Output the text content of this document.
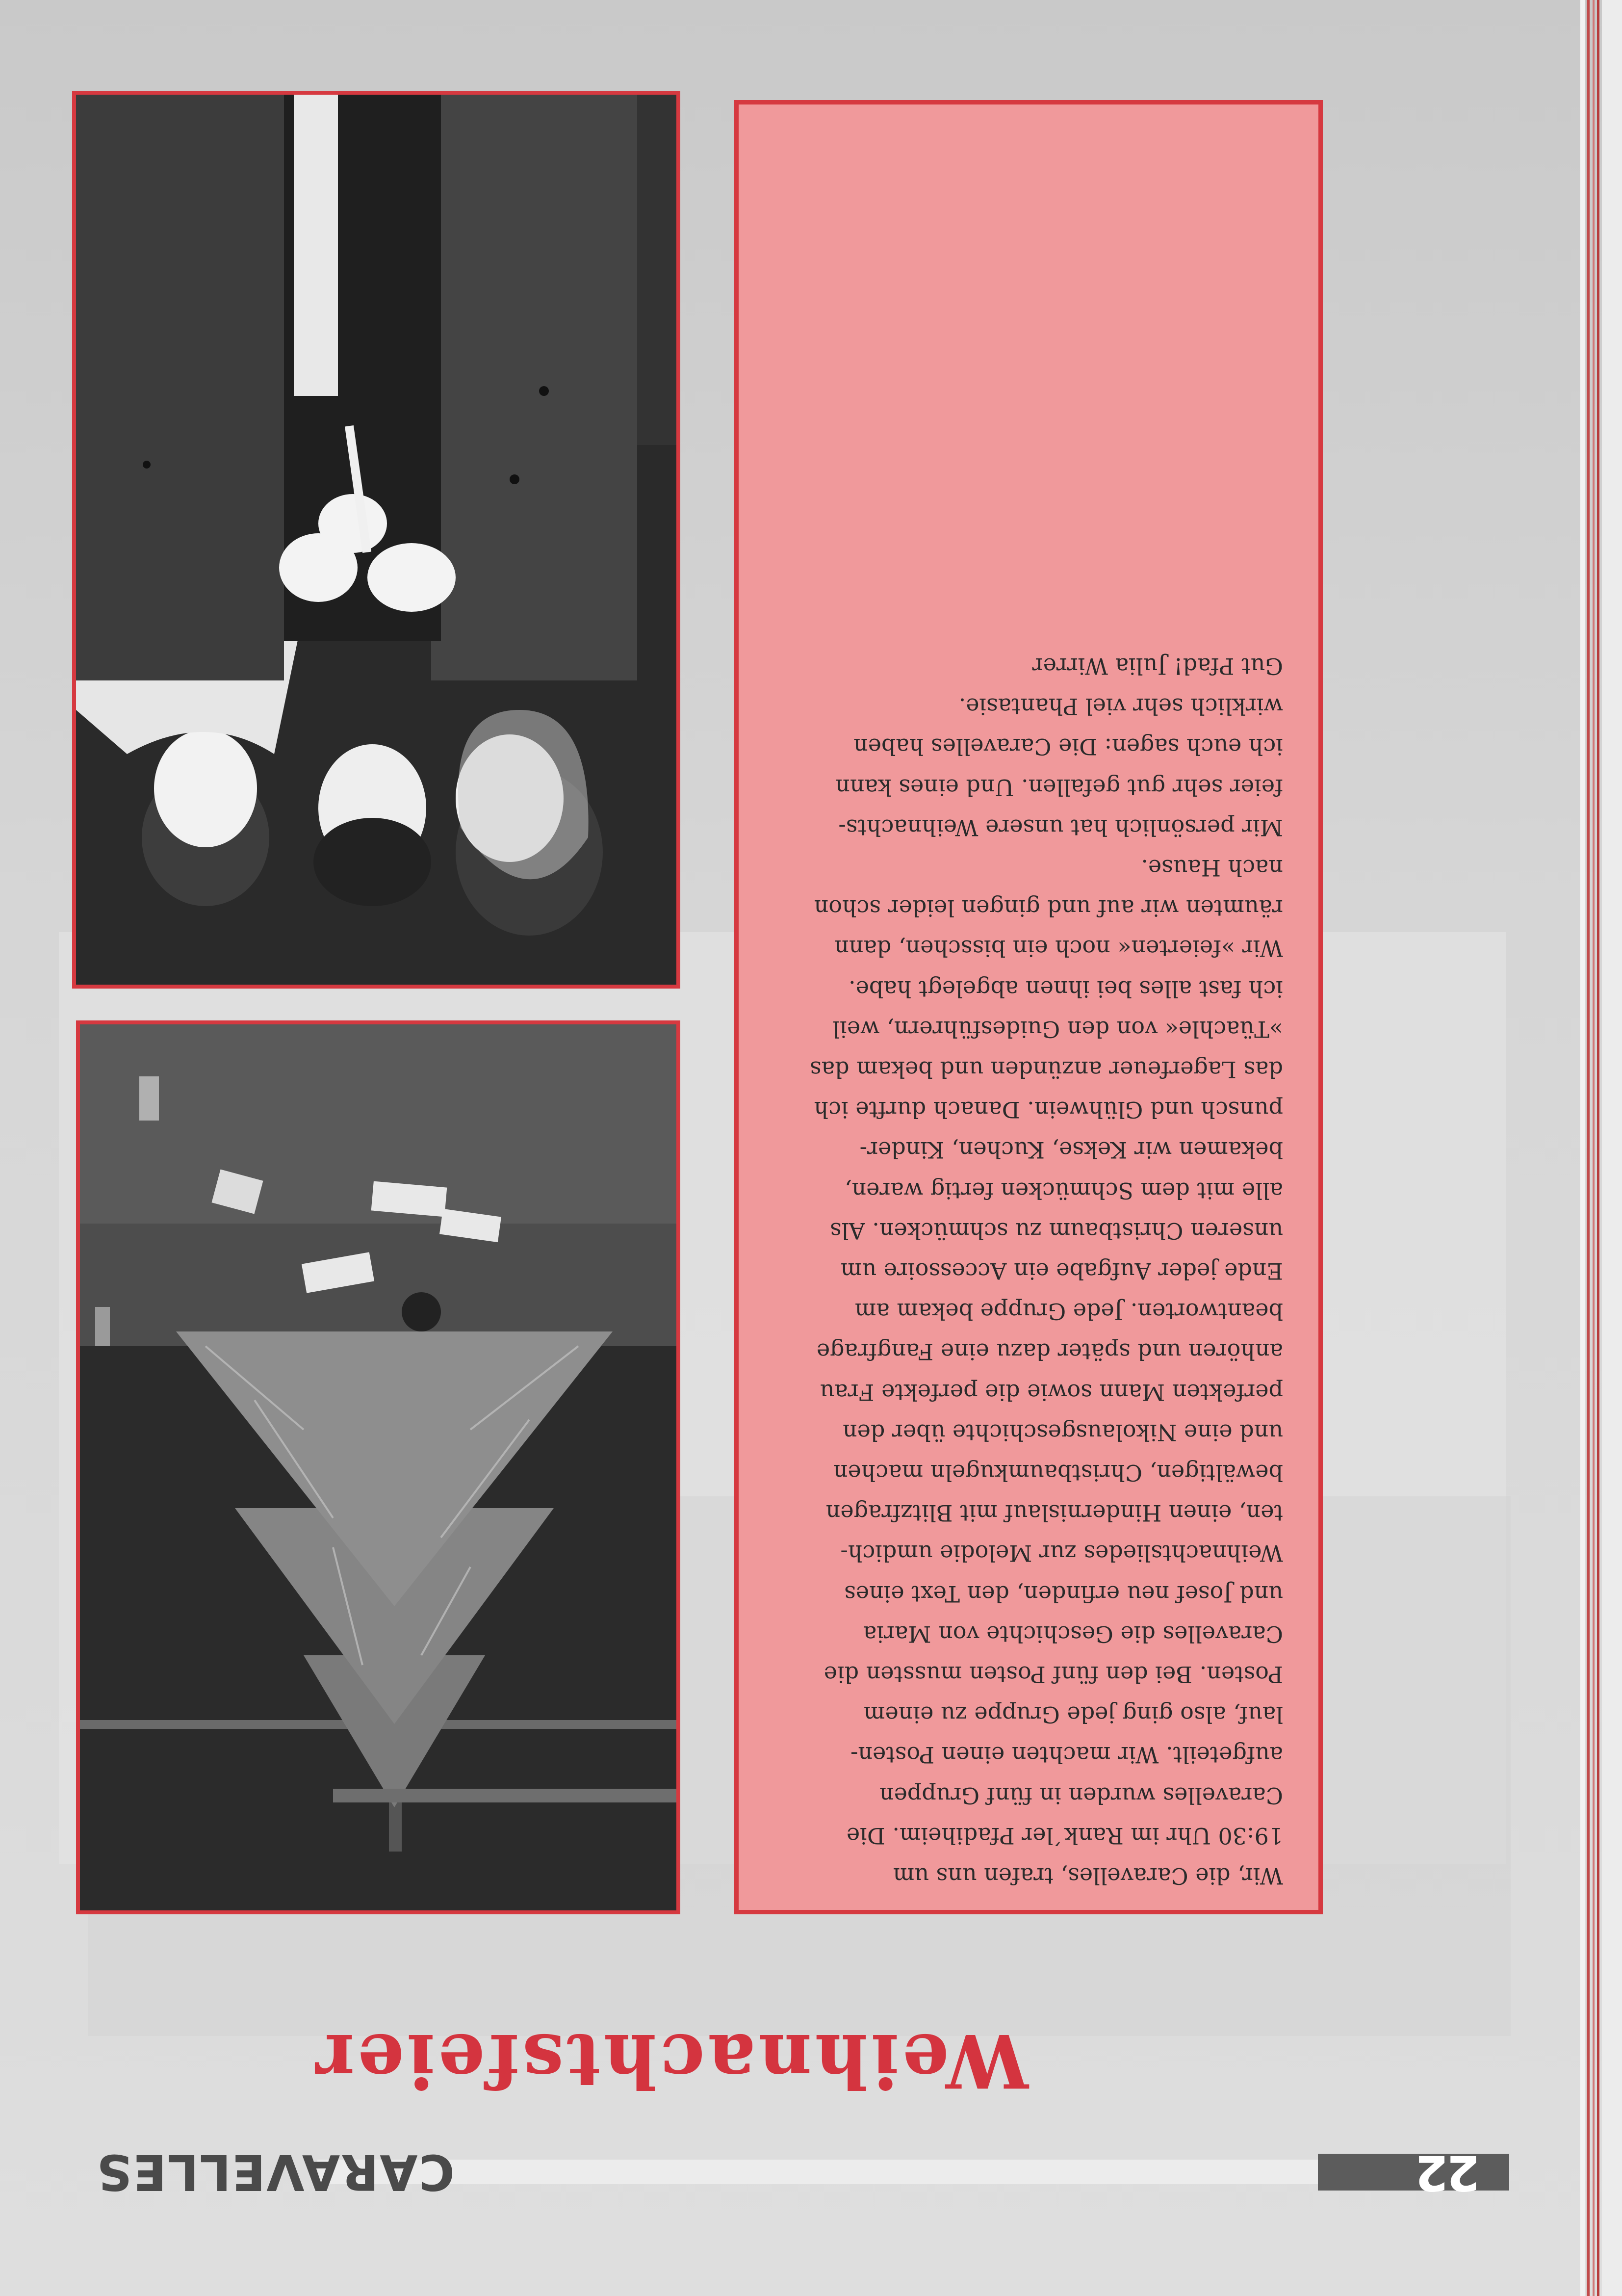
22
CARAVELLES
Weihnachtsfeier

Wir, die Caravelles, trafen uns um

19:30 Uhr im Rank´ler Pfadiheim. Die

Caravelles wurden in fünf Gruppen

aufgeteilt. Wir machten einen Posten-

lauf, also ging jede Gruppe zu einem

Posten. Bei den fünf Posten mussten die

Caravelles die Geschichte von Maria

und Josef neu erfinden, den Text eines

Weihnachtsliedes zur Melodie umdich-

ten, einen Hindernislauf mit Blitzfragen

bewältigen, Christbaumkugeln machen

und eine Nikolausgeschichte über den

perfekten Mann sowie die perfekte Frau

anhören und später dazu eine Fangfrage

beantworten. Jede Gruppe bekam am

Ende jeder Aufgabe ein Accessoire um

unseren Christbaum zu schmücken. Als

alle mit dem Schmücken fertig waren,

bekamen wir Kekse, Kuchen, Kinder-

punsch und Glühwein. Danach durfte ich

das Lagerfeuer anzünden und bekam das

»Tüachle« von den Guidesführern, weil

ich fast alles bei ihnen abgelegt habe.

Wir »feierten« noch ein bisschen, dann

räumten wir auf und gingen leider schon

nach Hause.

Mir persönlich hat unsere Weihnachts-

feier sehr gut gefallen. Und eines kann

ich euch sagen: Die Caravelles haben

wirklich sehr viel Phantasie.

Gut Pfad! Julia Wirrer
